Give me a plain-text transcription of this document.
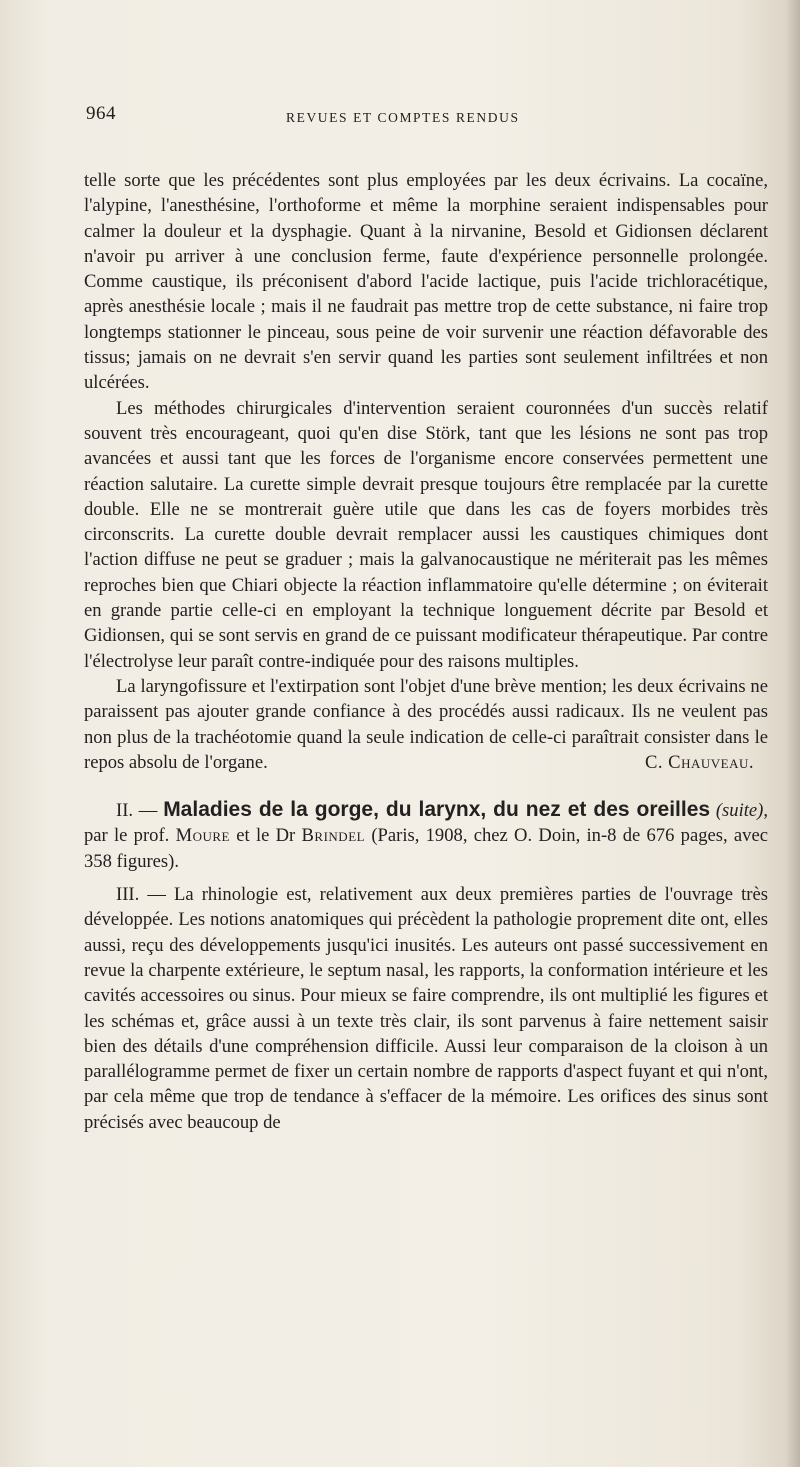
964	REVUES ET COMPTES RENDUS

telle sorte que les précédentes sont plus employées par les deux écrivains. La cocaïne, l'alypine, l'anesthésine, l'orthoforme et même la morphine seraient indispensables pour calmer la douleur et la dysphagie. Quant à la nirvanine, Besold et Gidionsen déclarent n'avoir pu arriver à une conclusion ferme, faute d'expérience personnelle prolongée. Comme caustique, ils préconisent d'abord l'acide lactique, puis l'acide trichloracétique, après anesthésie locale ; mais il ne faudrait pas mettre trop de cette substance, ni faire trop longtemps stationner le pinceau, sous peine de voir survenir une réaction défavorable des tissus; jamais on ne devrait s'en servir quand les parties sont seulement infiltrées et non ulcérées.

Les méthodes chirurgicales d'intervention seraient couronnées d'un succès relatif souvent très encourageant, quoi qu'en dise Störk, tant que les lésions ne sont pas trop avancées et aussi tant que les forces de l'organisme encore conservées permettent une réaction salutaire. La curette simple devrait presque toujours être remplacée par la curette double. Elle ne se montrerait guère utile que dans les cas de foyers morbides très circonscrits. La curette double devrait remplacer aussi les caustiques chimiques dont l'action diffuse ne peut se graduer ; mais la galvanocaustique ne mériterait pas les mêmes reproches bien que Chiari objecte la réaction inflammatoire qu'elle détermine ; on éviterait en grande partie celle-ci en employant la technique longuement décrite par Besold et Gidionsen, qui se sont servis en grand de ce puissant modificateur thérapeutique. Par contre l'électrolyse leur paraît contre-indiquée pour des raisons multiples.

La laryngofissure et l'extirpation sont l'objet d'une brève mention; les deux écrivains ne paraissent pas ajouter grande confiance à des procédés aussi radicaux. Ils ne veulent pas non plus de la trachéotomie quand la seule indication de celle-ci paraîtrait consister dans le repos absolu de l'organe.	C. Chauveau.

II. — Maladies de la gorge, du larynx, du nez et des oreilles (suite), par le prof. Moure et le Dr Brindel (Paris, 1908, chez O. Doin, in-8 de 676 pages, avec 358 figures).

III. — La rhinologie est, relativement aux deux premières parties de l'ouvrage très développée. Les notions anatomiques qui précèdent la pathologie proprement dite ont, elles aussi, reçu des développements jusqu'ici inusités. Les auteurs ont passé successivement en revue la charpente extérieure, le septum nasal, les rapports, la conformation intérieure et les cavités accessoires ou sinus. Pour mieux se faire comprendre, ils ont multiplié les figures et les schémas et, grâce aussi à un texte très clair, ils sont parvenus à faire nettement saisir bien des détails d'une compréhension difficile. Aussi leur comparaison de la cloison à un parallélogramme permet de fixer un certain nombre de rapports d'aspect fuyant et qui n'ont, par cela même que trop de tendance à s'effacer de la mémoire. Les orifices des sinus sont précisés avec beaucoup de
